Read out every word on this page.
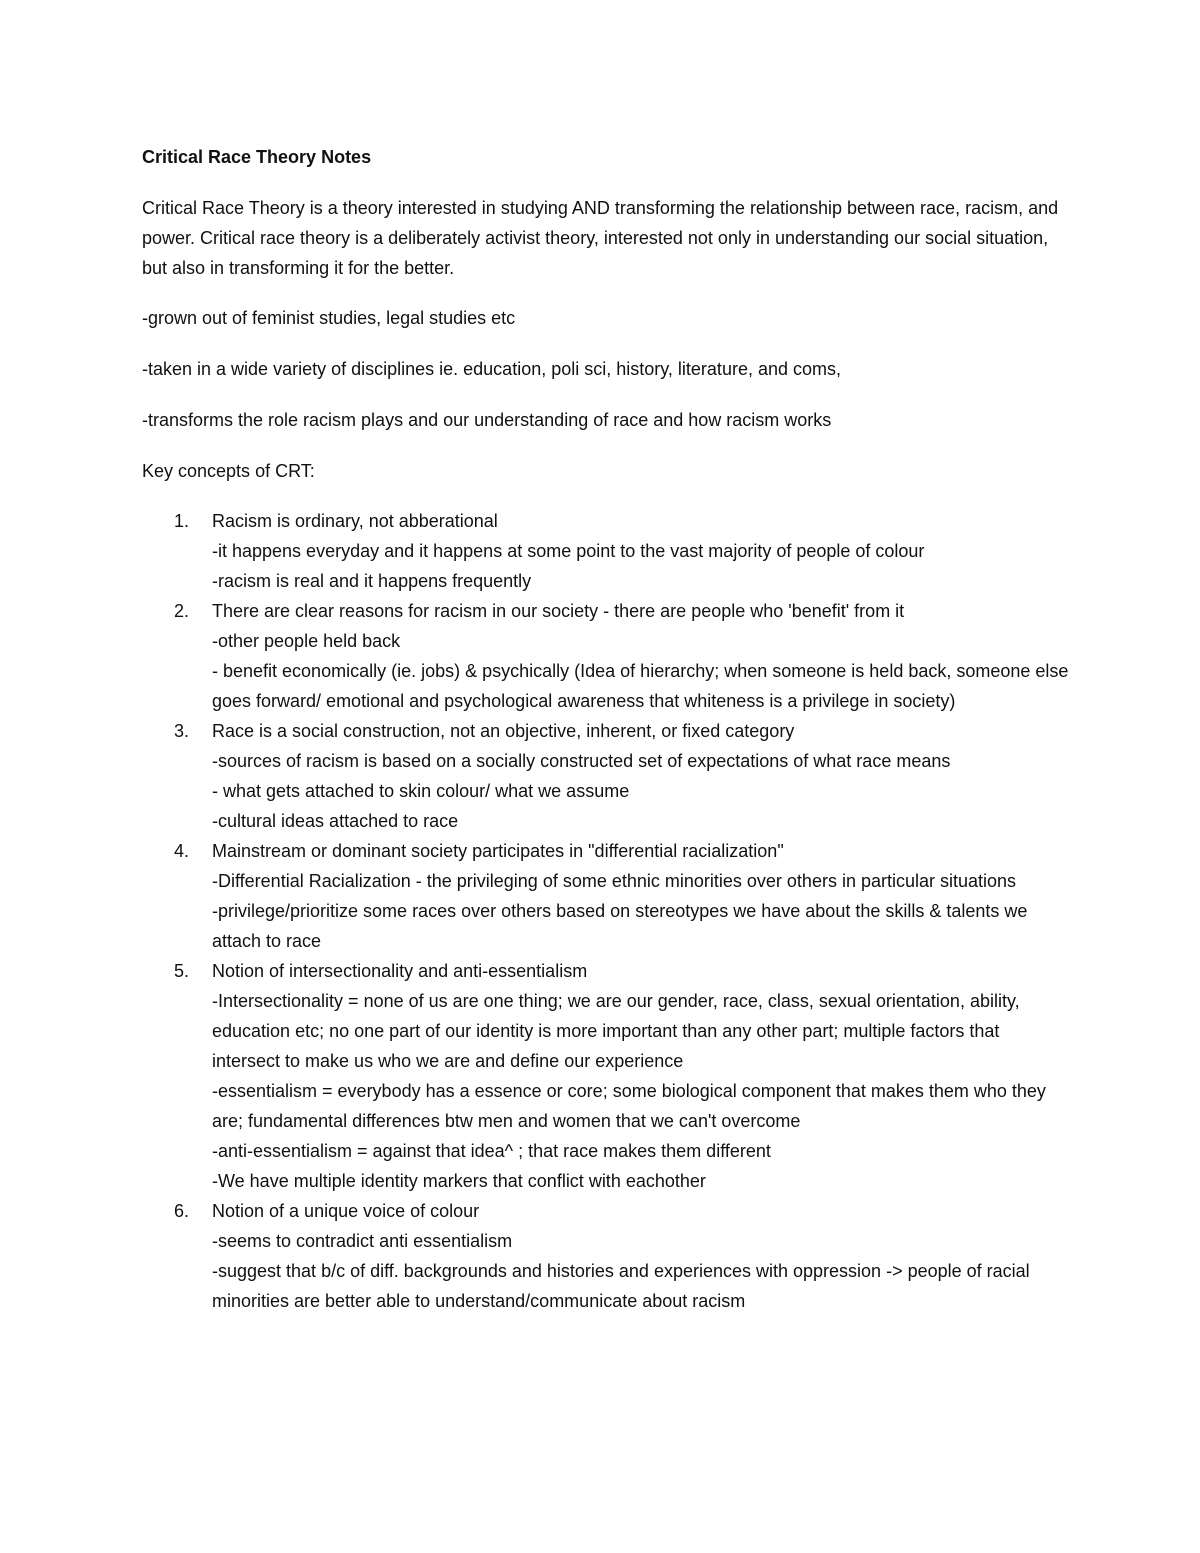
Critical Race Theory Notes
Critical Race Theory is a theory interested in studying AND transforming the relationship between race, racism, and power. Critical race theory is a deliberately activist theory, interested not only in understanding our social situation, but also in transforming it for the better.
-grown out of feminist studies, legal studies etc
-taken in a wide variety of disciplines ie. education, poli sci, history, literature, and coms,
-transforms the role racism plays and our understanding of race and how racism works
Key concepts of CRT:
1. Racism is ordinary, not abberational
-it happens everyday and it happens at some point to the vast majority of people of colour
-racism is real and it happens frequently
2. There are clear reasons for racism in our society - there are people who 'benefit' from it
-other people held back
- benefit economically (ie. jobs) & psychically (Idea of hierarchy; when someone is held back, someone else goes forward/ emotional and psychological awareness that whiteness is a privilege in society)
3. Race is a social construction, not an objective, inherent, or fixed category
-sources of racism is based on a socially constructed set of expectations of what race means
- what gets attached to skin colour/ what we assume
-cultural ideas attached to race
4. Mainstream or dominant society participates in "differential racialization"
-Differential Racialization - the privileging of some ethnic minorities over others in particular situations
-privilege/prioritize some races over others based on stereotypes we have about the skills & talents we attach to race
5. Notion of intersectionality and anti-essentialism
-Intersectionality = none of us are one thing; we are our gender, race, class, sexual orientation, ability, education etc; no one part of our identity is more important than any other part; multiple factors that intersect to make us who we are and define our experience
-essentialism = everybody has a essence or core; some biological component that makes them who they are; fundamental differences btw men and women that we can't overcome
-anti-essentialism = against that idea^ ; that race makes them different
-We have multiple identity markers that conflict with eachother
6. Notion of a unique voice of colour
-seems to contradict anti essentialism
-suggest that b/c of diff. backgrounds and histories and experiences with oppression -> people of racial minorities are better able to understand/communicate about racism
